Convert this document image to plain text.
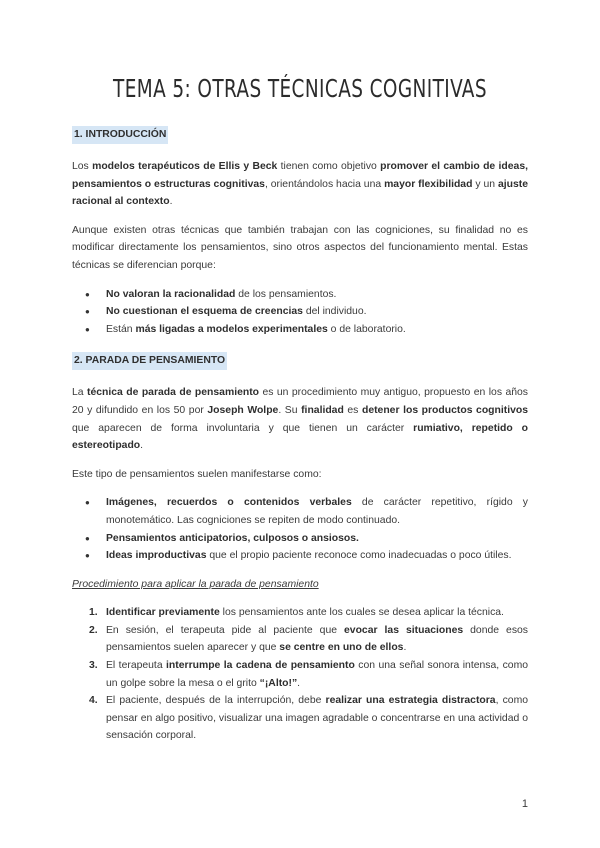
TEMA 5: OTRAS TÉCNICAS COGNITIVAS
1. INTRODUCCIÓN

Los modelos terapéuticos de Ellis y Beck tienen como objetivo promover el cambio de ideas, pensamientos o estructuras cognitivas, orientándolos hacia una mayor flexibilidad y un ajuste racional al contexto.

Aunque existen otras técnicas que también trabajan con las cogniciones, su finalidad no es modificar directamente los pensamientos, sino otros aspectos del funcionamiento mental. Estas técnicas se diferencian porque:

● No valoran la racionalidad de los pensamientos.
● No cuestionan el esquema de creencias del individuo.
● Están más ligadas a modelos experimentales o de laboratorio.
2. PARADA DE PENSAMIENTO

La técnica de parada de pensamiento es un procedimiento muy antiguo, propuesto en los años 20 y difundido en los 50 por Joseph Wolpe. Su finalidad es detener los productos cognitivos que aparecen de forma involuntaria y que tienen un carácter rumiativo, repetido o estereotipado.

Este tipo de pensamientos suelen manifestarse como:

● Imágenes, recuerdos o contenidos verbales de carácter repetitivo, rígido y monotemático. Las cogniciones se repiten de modo continuado.
● Pensamientos anticipatorios, culposos o ansiosos.
● Ideas improductivas que el propio paciente reconoce como inadecuadas o poco útiles.

Procedimiento para aplicar la parada de pensamiento

1. Identificar previamente los pensamientos ante los cuales se desea aplicar la técnica.
2. En sesión, el terapeuta pide al paciente que evocar las situaciones donde esos pensamientos suelen aparecer y que se centre en uno de ellos.
3. El terapeuta interrumpe la cadena de pensamiento con una señal sonora intensa, como un golpe sobre la mesa o el grito “¡Alto!”.
4. El paciente, después de la interrupción, debe realizar una estrategia distractora, como pensar en algo positivo, visualizar una imagen agradable o concentrarse en una actividad o sensación corporal.
1
